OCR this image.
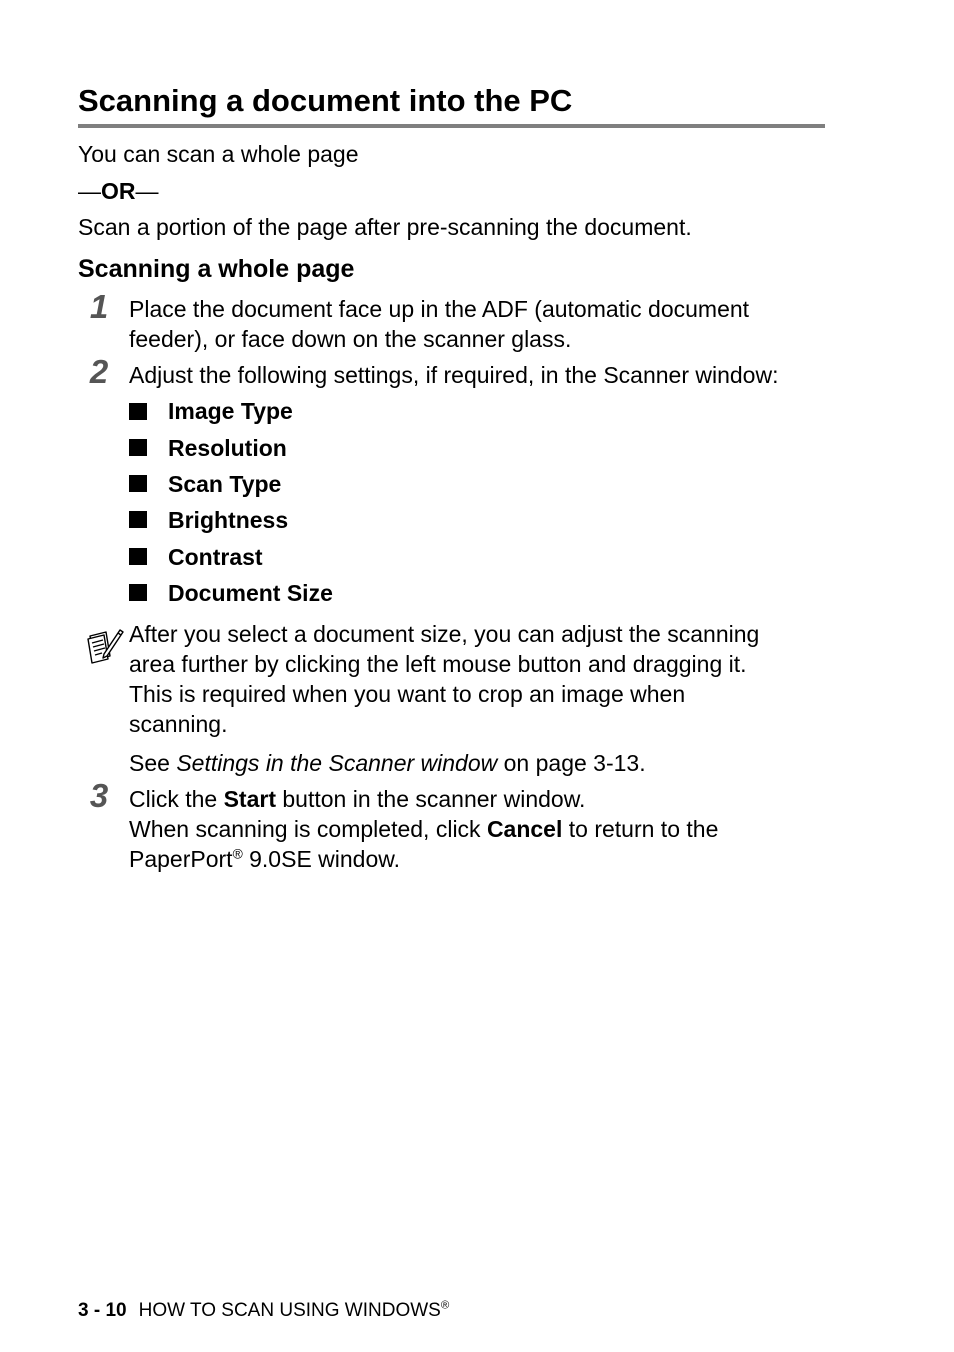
Scanning a document into the PC
You can scan a whole page
—OR—
Scan a portion of the page after pre-scanning the document.
Scanning a whole page
1 Place the document face up in the ADF (automatic document
feeder), or face down on the scanner glass.
2 Adjust the following settings, if required, in the Scanner window:
Image Type
Resolution
Scan Type
Brightness
Contrast
Document Size
After you select a document size, you can adjust the scanning
area further by clicking the left mouse button and dragging it.
This is required when you want to crop an image when
scanning.
See Settings in the Scanner window on page 3-13.
3 Click the Start button in the scanner window.
When scanning is completed, click Cancel to return to the
PaperPort® 9.0SE window.
3 - 10 HOW TO SCAN USING WINDOWS®
